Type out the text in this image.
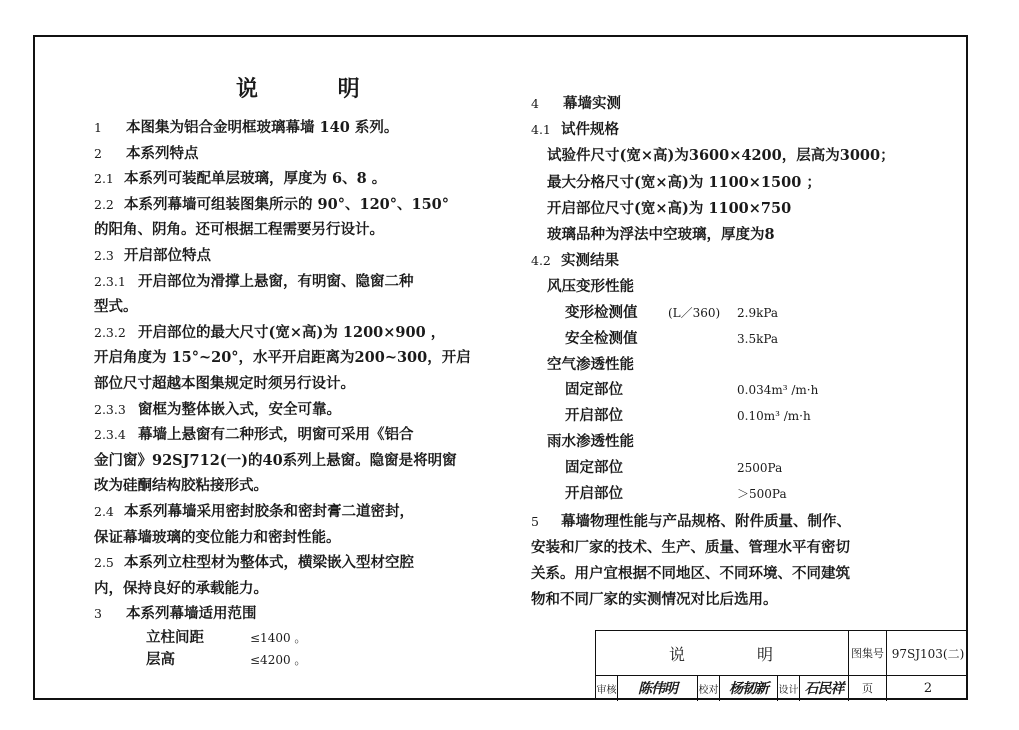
说 明
1 本图集为铝合金明框玻璃幕墙 140 系列。
2 本系列特点
2.1 本系列可装配单层玻璃，厚度为 6、8 。
2.2 本系列幕墙可组装图集所示的 90°、120°、150°
的阳角、阴角。还可根据工程需要另行设计。
2.3 开启部位特点
2.3.1 开启部位为滑撑上悬窗，有明窗、隐窗二种
型式。
2.3.2 开启部位的最大尺寸(宽×高)为 1200×900 ，
开启角度为 15°~20°，水平开启距离为200~300，开启
部位尺寸超越本图集规定时须另行设计。
2.3.3 窗框为整体嵌入式，安全可靠。
2.3.4 幕墙上悬窗有二种形式，明窗可采用《铝合
金门窗》92SJ712(一)的40系列上悬窗。隐窗是将明窗
改为硅酮结构胶粘接形式。
2.4 本系列幕墙采用密封胶条和密封膏二道密封，
保证幕墙玻璃的变位能力和密封性能。
2.5 本系列立柱型材为整体式，横梁嵌入型材空腔
内，保持良好的承载能力。
3 本系列幕墙适用范围
立柱间距	≤1400 。
层高	≤4200 。
4 幕墙实测
4.1 试件规格
试验件尺寸(宽×高)为3600×4200，层高为3000；
最大分格尺寸(宽×高)为 1100×1500 ；
开启部位尺寸(宽×高)为 1100×750
玻璃品种为浮法中空玻璃，厚度为8
4.2 实测结果
风压变形性能
变形检测值	(L／360) 2.9kPa
安全检测值	3.5kPa
空气渗透性能
固定部位	0.034m³ /m·h
开启部位	0.10m³ /m·h
雨水渗透性能
固定部位	2500Pa
开启部位	＞500Pa
5 幕墙物理性能与产品规格、附件质量、制作、
安装和厂家的技术、生产、质量、管理水平有密切
关系。用户宜根据不同地区、不同环境、不同建筑
物和不同厂家的实测情况对比后选用。
说	明	图集号 97SJ103(二)
审核	陈伟明	校对 杨韧新	设计 石民祥	页	2
